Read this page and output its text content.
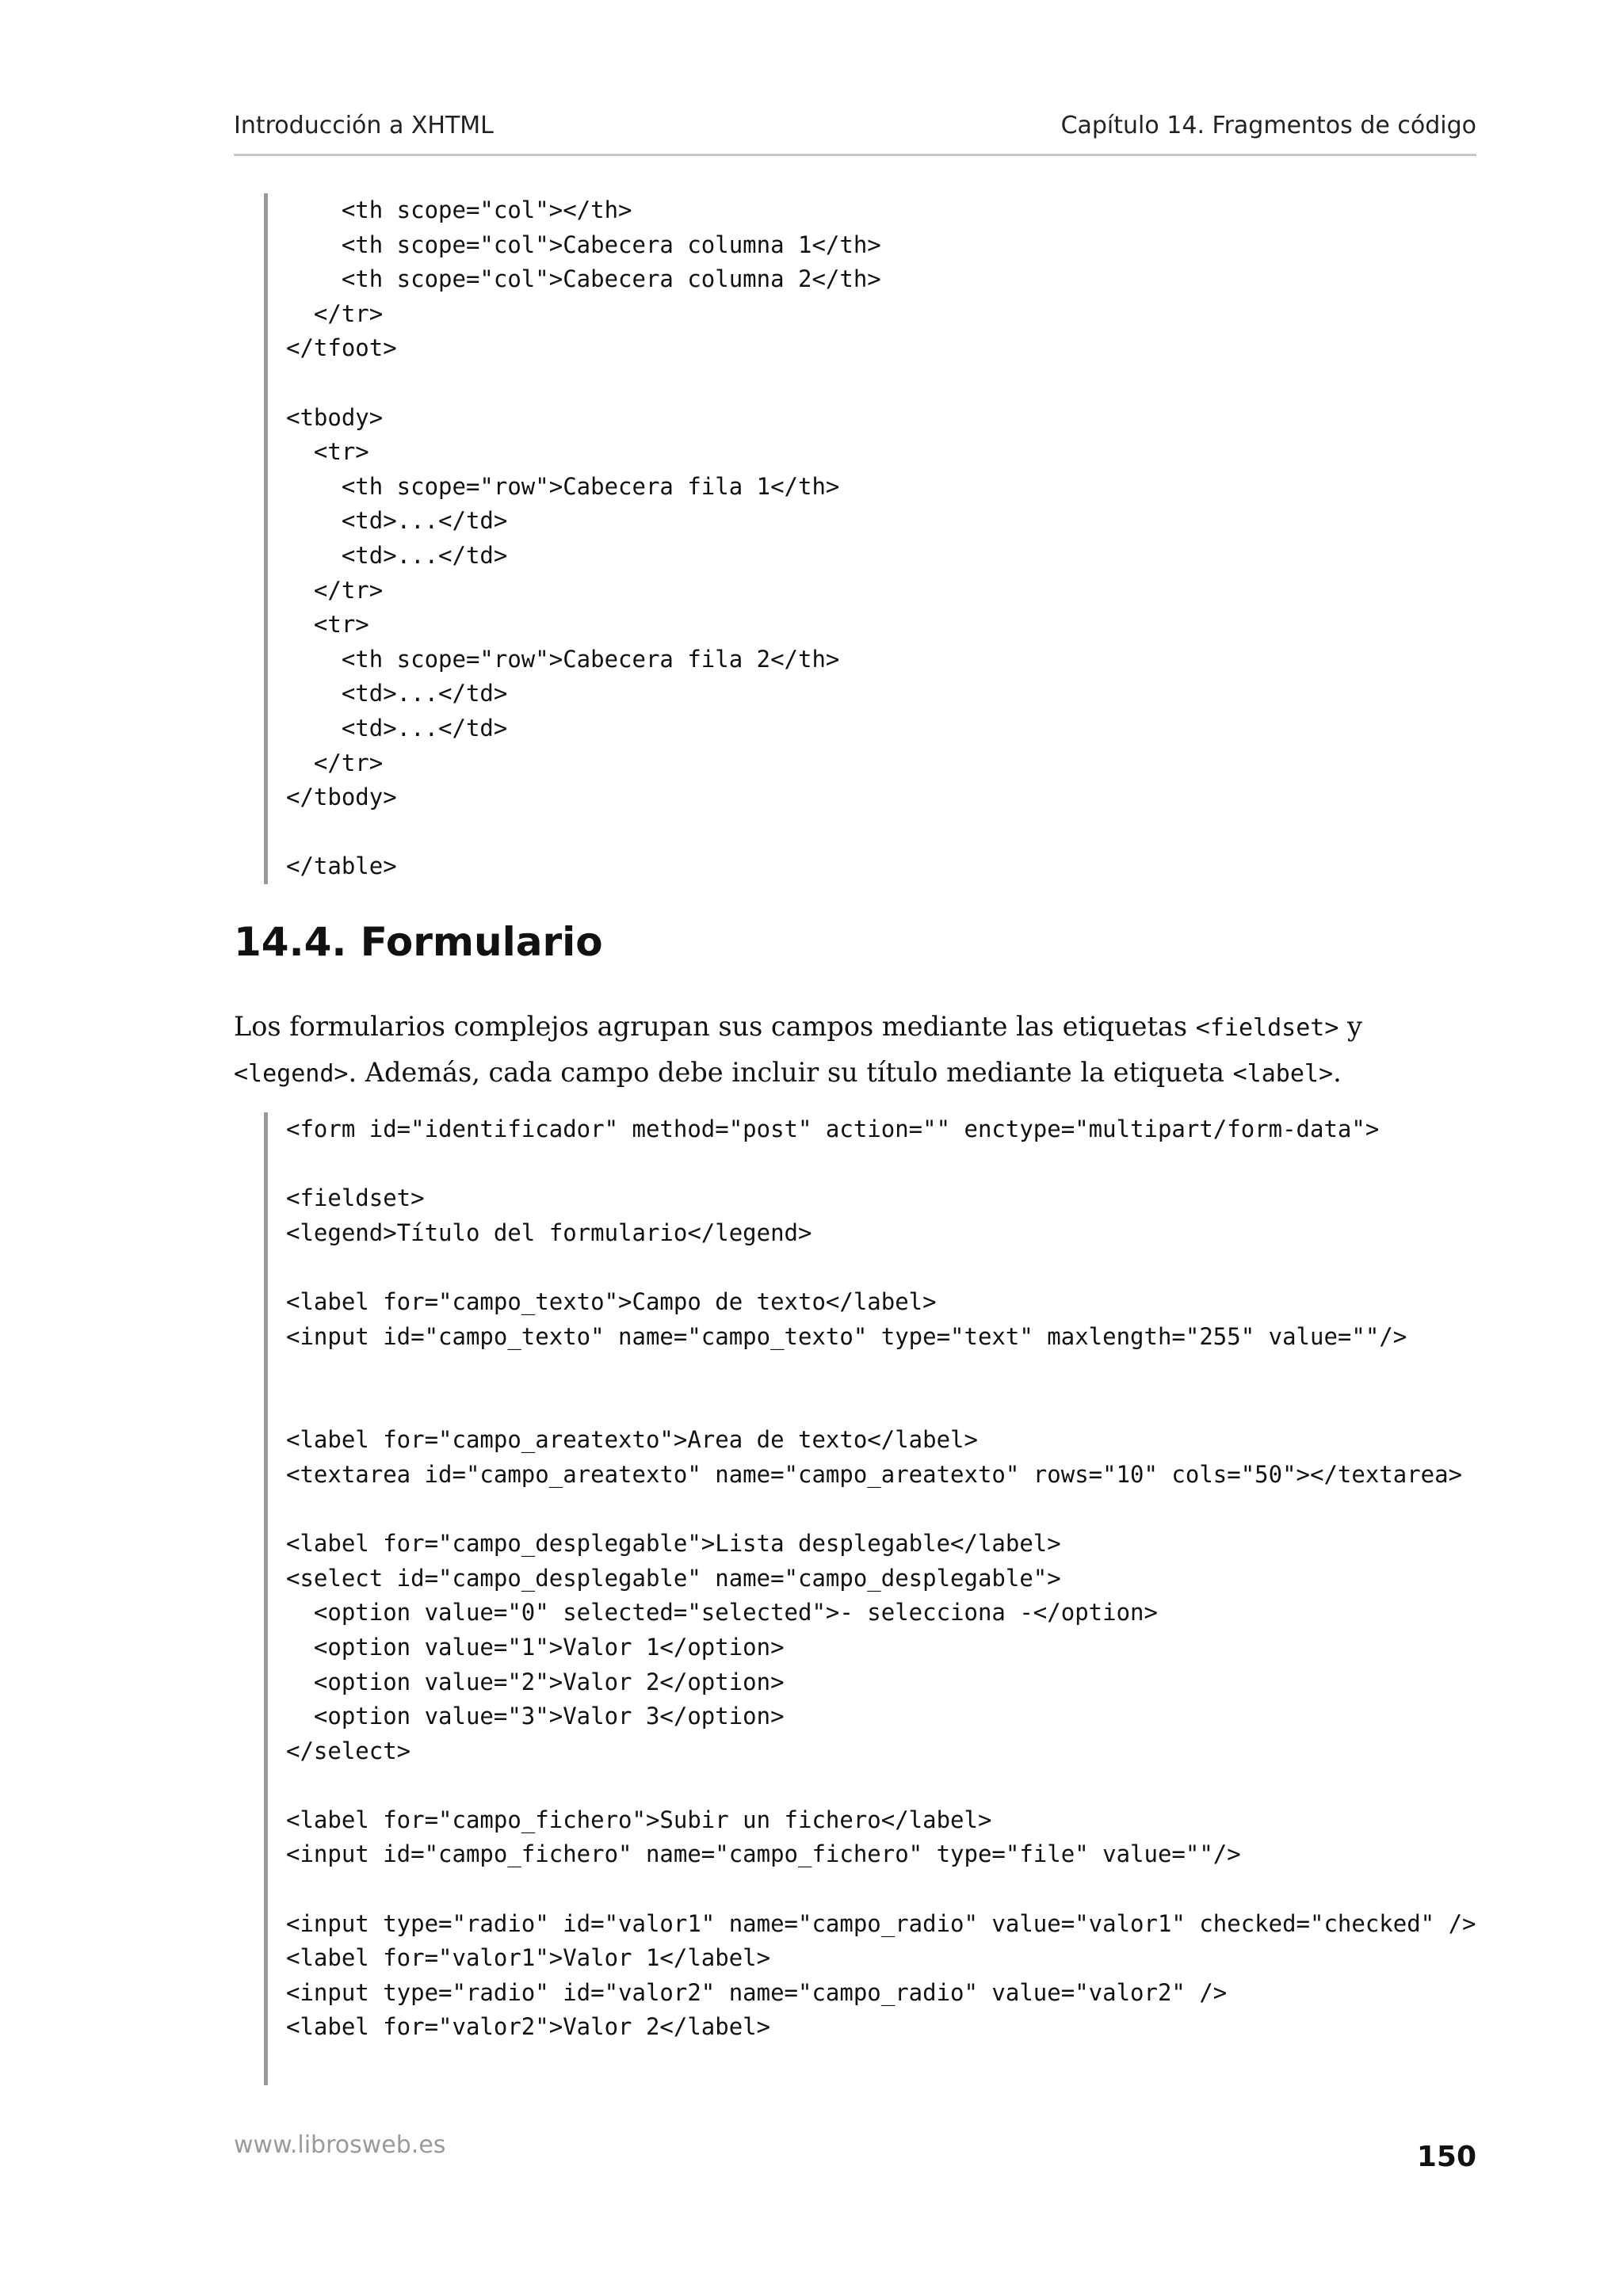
Introducción a XHTML	Capítulo 14. Fragmentos de código
<th scope="col"></th>
<th scope="col">Cabecera columna 1</th>
<th scope="col">Cabecera columna 2</th>
</tr>
</tfoot>
<tbody>
<tr>
<th scope="row">Cabecera fila 1</th>
<td>...</td>
<td>...</td>
</tr>
<tr>
<th scope="row">Cabecera fila 2</th>
<td>...</td>
<td>...</td>
</tr>
</tbody>
</table>
14.4. Formulario

Los formularios complejos agrupan sus campos mediante las etiquetas <fieldset> y <legend>. Además, cada campo debe incluir su título mediante la etiqueta <label>.

<form id="identificador" method="post" action="" enctype="multipart/form-data">
<fieldset>
<legend>Título del formulario</legend>
<label for="campo_texto">Campo de texto</label>
<input id="campo_texto" name="campo_texto" type="text" maxlength="255" value=""/>
<label for="campo_areatexto">Area de texto</label>
<textarea id="campo_areatexto" name="campo_areatexto" rows="10" cols="50"></textarea>
<label for="campo_desplegable">Lista desplegable</label>
<select id="campo_desplegable" name="campo_desplegable">
<option value="0" selected="selected">- selecciona -</option>
<option value="1">Valor 1</option>
<option value="2">Valor 2</option>
<option value="3">Valor 3</option>
</select>
<label for="campo_fichero">Subir un fichero</label>
<input id="campo_fichero" name="campo_fichero" type="file" value=""/>
<input type="radio" id="valor1" name="campo_radio" value="valor1" checked="checked" />
<label for="valor1">Valor 1</label>
<input type="radio" id="valor2" name="campo_radio" value="valor2" />
<label for="valor2">Valor 2</label>
www.librosweb.es	150
